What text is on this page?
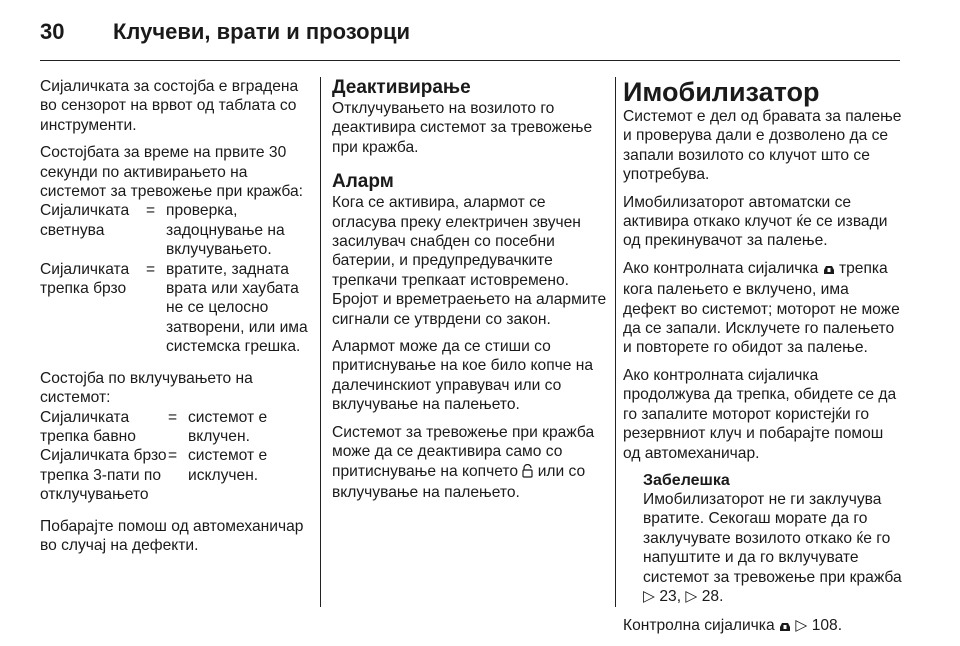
30 Клучеви, врати и прозорци

Сијаличката за состојба е вградена во сензорот на врвот од таблата со инструменти.

Состојбата за време на првите 30 секунди по активирањето на системот за тревожење при кражба:

Сијаличката светнува	=	проверка, задоцнување на вклучувањето.
Сијаличката трепка брзо	=	вратите, задната врата или хаубата не се целосно затворени, или има системска грешка.

Состојба по вклучувањето на системот:

Сијаличката трепка бавно	=	системот е вклучен.
Сијаличката брзо трепка 3-пати по отклучувањето	=	системот е исклучен.

Побарајте помош од автомеханичар во случај на дефекти.

Деактивирање

Отклучувањето на возилото го деактивира системот за тревожење при кражба.

Аларм

Кога се активира, алармот се огласува преку електричен звучен засилувач снабден со посебни батерии, и предупредувачките трепкачи трепкаат истовремено. Бројот и времетраењето на алармите сигнали се утврдени со закон.

Алармот може да се стиши со притиснување на кое било копче на далечинскиот управувач или со вклучување на палењето.

Системот за тревожење при кражба може да се деактивира само со притиснување на копчето или со вклучување на палењето.

Имобилизатор

Системот е дел од бравата за палење и проверува дали е дозволено да се запали возилото со клучот што се употребува.

Имобилизаторот автоматски се активира откако клучот ќе се извади од прекинувачот за палење.

Ако контролната сијаличка трепка кога палењето е вклучено, има дефект во системот; моторот не може да се запали. Исклучете го палењето и повторете го обидот за палење.

Ако контролната сијаличка продолжува да трепка, обидете се да го запалите моторот користејќи го резервниот клуч и побарајте помош од автомеханичар.

Забелешка
Имобилизаторот не ги заклучува вратите. Секогаш морате да го заклучувате возилото откако ќе го напуштите и да го вклучувате системот за тревожење при кражба ▷ 23, ▷ 28.

Контролна сијаличка ▷ 108.
